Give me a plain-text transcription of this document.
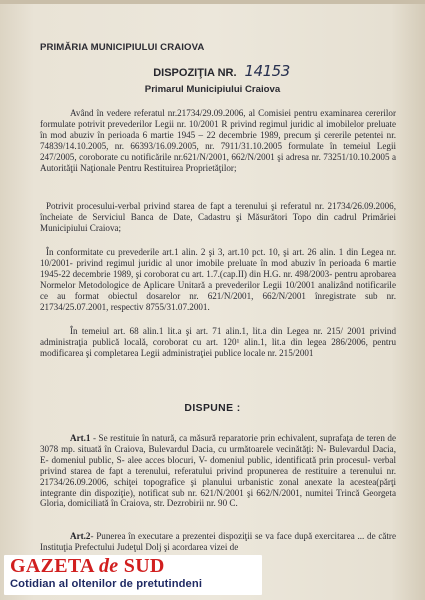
PRIMĂRIA MUNICIPIULUI CRAIOVA
DISPOZIŢIA NR. 14153
Primarul Municipiului Craiova

Având în vedere referatul nr.21734/29.09.2006, al Comisiei pentru examinarea cererilor formulate potrivit prevederilor Legii nr. 10/2001 R privind regimul juridic al imobilelor preluate în mod abuziv în perioada 6 martie 1945 – 22 decembrie 1989, precum şi cererile petentei nr. 74839/14.10.2005, nr. 66393/16.09.2005, nr. 7911/31.10.2005 formulate în temeiul Legii 247/2005, coroborate cu notificările nr.621/N/2001, 662/N/2001 şi adresa nr. 73251/10.10.2005 a Autorităţii Naţionale Pentru Restituirea Proprietăţilor;

Potrivit procesului-verbal privind starea de fapt a terenului şi referatul nr. 21734/26.09.2006, încheiate de Serviciul Banca de Date, Cadastru şi Măsurători Topo din cadrul Primăriei Municipiului Craiova;

În conformitate cu prevederile art.1 alin. 2 şi 3, art.10 pct. 10, şi art. 26 alin. 1 din Legea nr. 10/2001- privind regimul juridic al unor imobile preluate în mod abuziv în perioada 6 martie 1945-22 decembrie 1989, şi coroborat cu art. 1.7.(cap.II) din H.G. nr. 498/2003- pentru aprobarea Normelor Metodologice de Aplicare Unitară a prevederilor Legii 10/2001 analizând notificarile ce au format obiectul dosarelor nr. 621/N/2001, 662/N/2001 înregistrate sub nr. 21734/25.07.2001, respectiv 8755/31.07.2001.

În temeiul art. 68 alin.1 lit.a şi art. 71 alin.1, lit.a din Legea nr. 215/ 2001 privind administraţia publică locală, coroborat cu art. 120¹ alin.1, lit.a din legea 286/2006, pentru modificarea şi completarea Legii administraţiei publice locale nr. 215/2001

DISPUNE :

Art.1 - Se restituie în natură, ca măsură reparatorie prin echivalent, suprafaţa de teren de 3078 mp. situată în Craiova, Bulevardul Dacia, cu următoarele vecinătăţi: N- Bulevardul Dacia, E- domeniul public, S- alee acces blocuri, V- domeniul public, identificată prin procesul- verbal privind starea de fapt a terenului, referatului privind propunerea de restituire a terenului nr. 21734/26.09.2006, schiţei topografice şi planului urbanistic zonal anexate la acestea(părţi integrante din dispoziţie), notificat sub nr. 621/N/2001 şi 662/N/2001, numitei Trincă Georgeta Gloria, domiciliată în Craiova, str. Dezrobirii nr. 90 C.

Art.2- Punerea în executare a prezentei dispoziţii se va face după exercitarea ... de către Instituţia Prefectului Judeţul Dolj şi acordarea vizei de

GAZETA de SUD
Cotidian al oltenilor de pretutindeni
